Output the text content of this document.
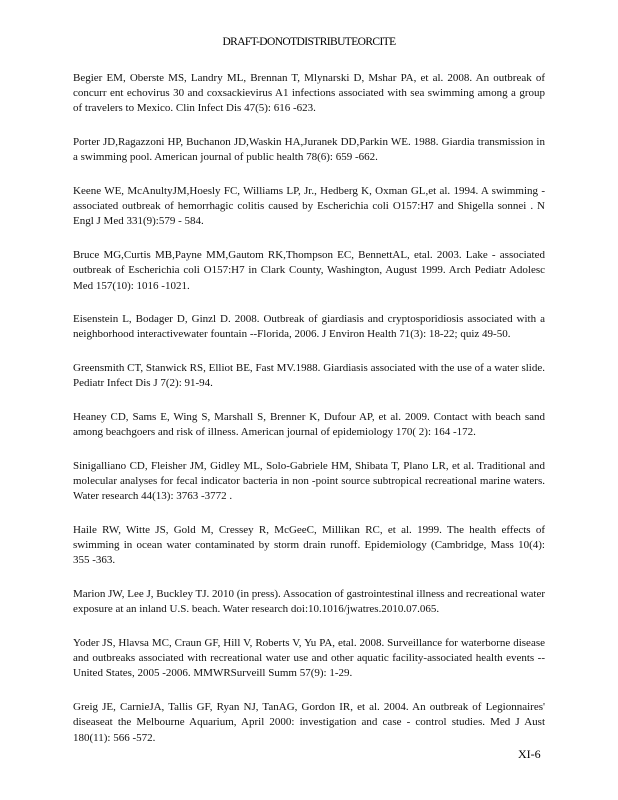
DRAFT-DONOTDISTRIBUTEORCITE
Begier EM, Oberste MS, Landry ML, Brennan T, Mlynarski D, Mshar PA, et al. 2008. An outbreak of concurr ent echovirus 30 and coxsackievirus A1 infections associated with sea swimming among a group of travelers to Mexico. Clin Infect Dis 47(5): 616 -623.
Porter JD,Ragazzoni HP, Buchanon JD,Waskin HA,Juranek DD,Parkin WE. 1988. Giardia transmission in a swimming pool. American journal of public health 78(6): 659 -662.
Keene WE, McAnultyJM,Hoesly FC, Williams LP, Jr., Hedberg K, Oxman GL,et al. 1994. A swimming -associated outbreak of hemorrhagic colitis caused by Escherichia coli O157:H7 and Shigella sonnei . N Engl J Med 331(9):579 - 584.
Bruce MG,Curtis MB,Payne MM,Gautom RK,Thompson EC, BennettAL, etal. 2003. Lake - associated outbreak of Escherichia coli O157:H7 in Clark County, Washington, August 1999. Arch Pediatr Adolesc Med 157(10): 1016 -1021.
Eisenstein L, Bodager D, Ginzl D. 2008. Outbreak of giardiasis and cryptosporidiosis associated with a neighborhood interactivewater fountain --Florida, 2006. J Environ Health 71(3): 18-22; quiz 49-50.
Greensmith CT, Stanwick RS, Elliot BE, Fast MV.1988. Giardiasis associated with the use of a water slide. Pediatr Infect Dis J 7(2): 91-94.
Heaney CD, Sams E, Wing S, Marshall S, Brenner K, Dufour AP, et al. 2009. Contact with beach sand among beachgoers and risk of illness. American journal of epidemiology 170( 2): 164 -172.
Sinigalliano CD, Fleisher JM, Gidley ML, Solo-Gabriele HM, Shibata T, Plano LR, et al. Traditional and molecular analyses for fecal indicator bacteria in non -point source subtropical recreational marine waters. Water research 44(13): 3763 -3772 .
Haile RW, Witte JS, Gold M, Cressey R, McGeeC, Millikan RC, et al. 1999. The health effects of swimming in ocean water contaminated by storm drain runoff. Epidemiology (Cambridge, Mass 10(4): 355 -363.
Marion JW, Lee J, Buckley TJ. 2010 (in press). Assocation of gastrointestinal illness and recreational water exposure at an inland U.S. beach. Water research doi:10.1016/jwatres.2010.07.065.
Yoder JS, Hlavsa MC, Craun GF, Hill V, Roberts V, Yu PA, etal. 2008. Surveillance for waterborne disease and outbreaks associated with recreational water use and other aquatic facility-associated health events --United States, 2005 -2006. MMWRSurveill Summ 57(9): 1-29.
Greig JE, CarnieJA, Tallis GF, Ryan NJ, TanAG, Gordon IR, et al. 2004. An outbreak of Legionnaires' diseaseat the Melbourne Aquarium, April 2000: investigation and case - control studies. Med J Aust 180(11): 566 -572.
XI-6
